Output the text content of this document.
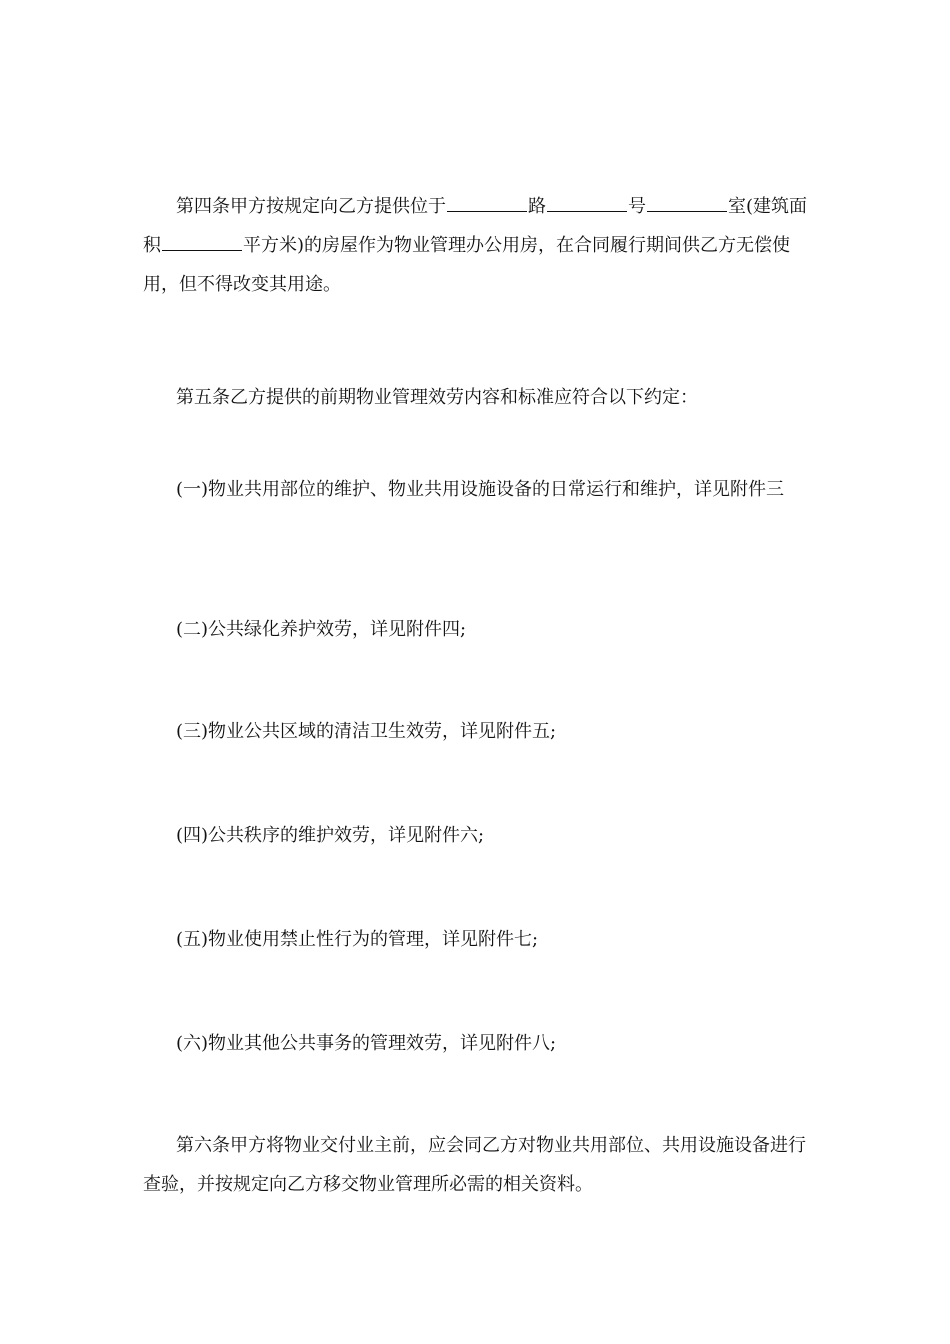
第四条甲方按规定向乙方提供位于	路	号	室(建筑面积	平方米)的房屋作为物业管理办公用房，在合同履行期间供乙方无偿使用，但不得改变其用途。

第五条乙方提供的前期物业管理效劳内容和标准应符合以下约定：

(一)物业共用部位的维护、物业共用设施设备的日常运行和维护，详见附件三

(二)公共绿化养护效劳，详见附件四;

(三)物业公共区域的清洁卫生效劳，详见附件五;

(四)公共秩序的维护效劳，详见附件六;

(五)物业使用禁止性行为的管理，详见附件七;

(六)物业其他公共事务的管理效劳，详见附件八;

第六条甲方将物业交付业主前，应会同乙方对物业共用部位、共用设施设备进行查验，并按规定向乙方移交物业管理所必需的相关资料。
